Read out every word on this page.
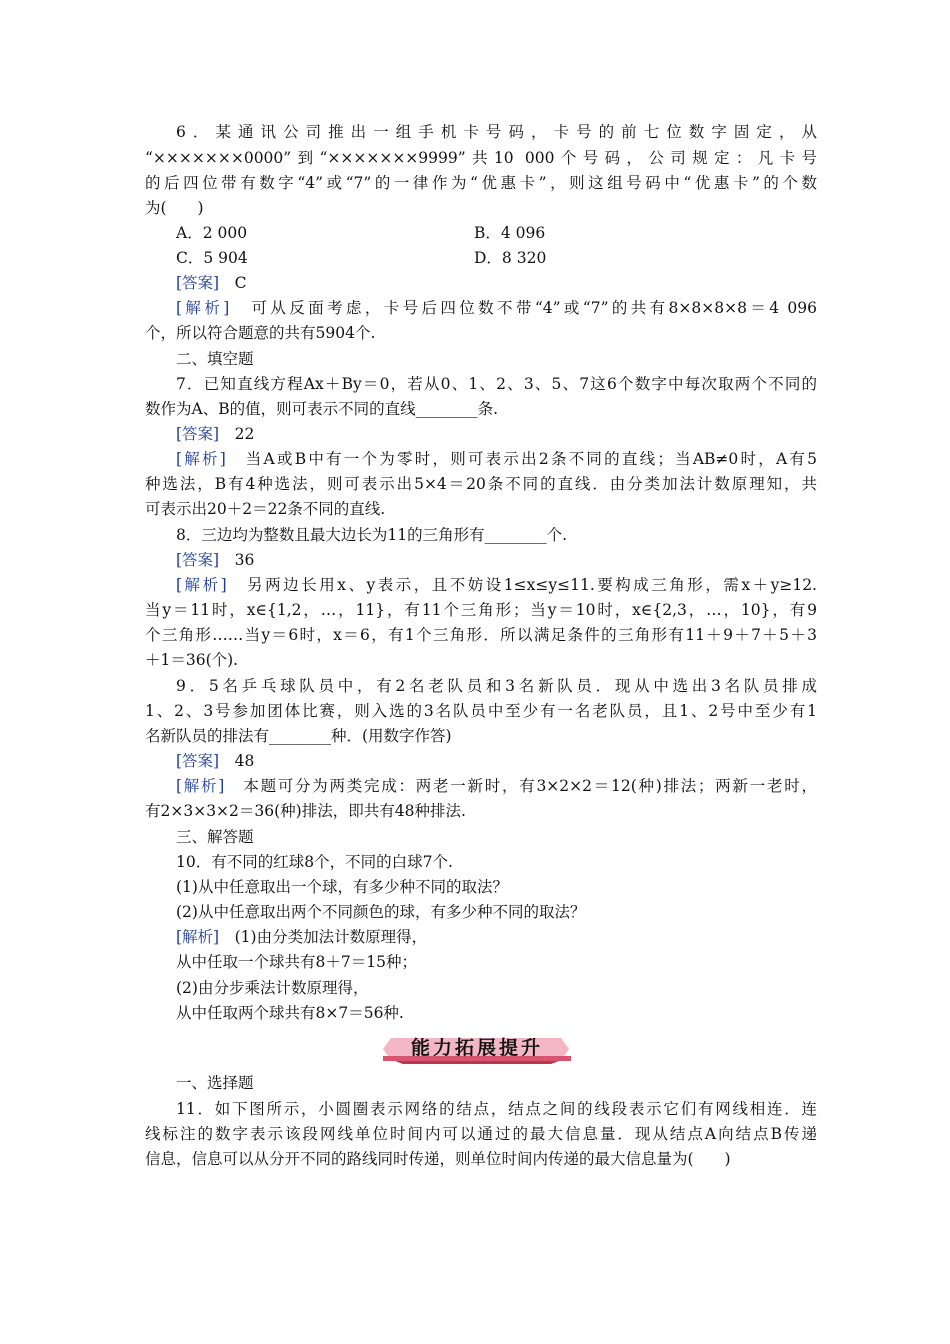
6．某通讯公司推出一组手机卡号码，卡号的前七位数字固定，从
“×××××××0000”到“×××××××9999”共10 000个号码，公司规定：凡卡号
的后四位带有数字“4”或“7”的一律作为“优惠卡”，则这组号码中“优惠卡”的个数
为(　　)
A．2 000	B．4 096
C．5 904	D．8 320
[答案]　 C
[解析]　 可从反面考虑，卡号后四位数不带“4”或“7”的共有8×8×8×8＝4 096
个，所以符合题意的共有5904个.
二、填空题
7．已知直线方程Ax＋By＝0，若从0、1、2、3、5、7这6个数字中每次取两个不同的
数作为A、B的值，则可表示不同的直线________条.
[答案]　 22
[解析]　 当A或B中有一个为零时，则可表示出2条不同的直线；当AB≠0时，A有5
种选法，B有4种选法，则可表示出5×4＝20条不同的直线．由分类加法计数原理知，共
可表示出20＋2＝22条不同的直线.
8．三边均为整数且最大边长为11的三角形有________个.
[答案]　 36
[解析]　 另两边长用x、y表示，且不妨设1≤x≤y≤11.要构成三角形，需x＋y≥12.
当y＝11时，x∈{1,2，…，11}，有11个三角形；当y＝10时，x∈{2,3，…，10}，有9
个三角形……当y＝6时，x＝6，有1个三角形．所以满足条件的三角形有11＋9＋7＋5＋3
＋1＝36(个).
9．5名乒乓球队员中，有2名老队员和3名新队员．现从中选出3名队员排成
1、2、3号参加团体比赛，则入选的3名队员中至少有一名老队员，且1、2号中至少有1
名新队员的排法有________种．(用数字作答)
[答案]　 48
[解析]　 本题可分为两类完成：两老一新时，有3×2×2＝12(种)排法；两新一老时，
有2×3×3×2＝36(种)排法，即共有48种排法.
三、解答题
10．有不同的红球8个，不同的白球7个.
(1)从中任意取出一个球，有多少种不同的取法？
(2)从中任意取出两个不同颜色的球，有多少种不同的取法？
[解析]　 (1)由分类加法计数原理得，
从中任取一个球共有8＋7＝15种；
(2)由分步乘法计数原理得，
从中任取两个球共有8×7＝56种.
能力拓展提升
一、选择题
11．如下图所示，小圆圈表示网络的结点，结点之间的线段表示它们有网线相连．连
线标注的数字表示该段网线单位时间内可以通过的最大信息量．现从结点A向结点B传递
信息，信息可以从分开不同的路线同时传递，则单位时间内传递的最大信息量为(　　)
